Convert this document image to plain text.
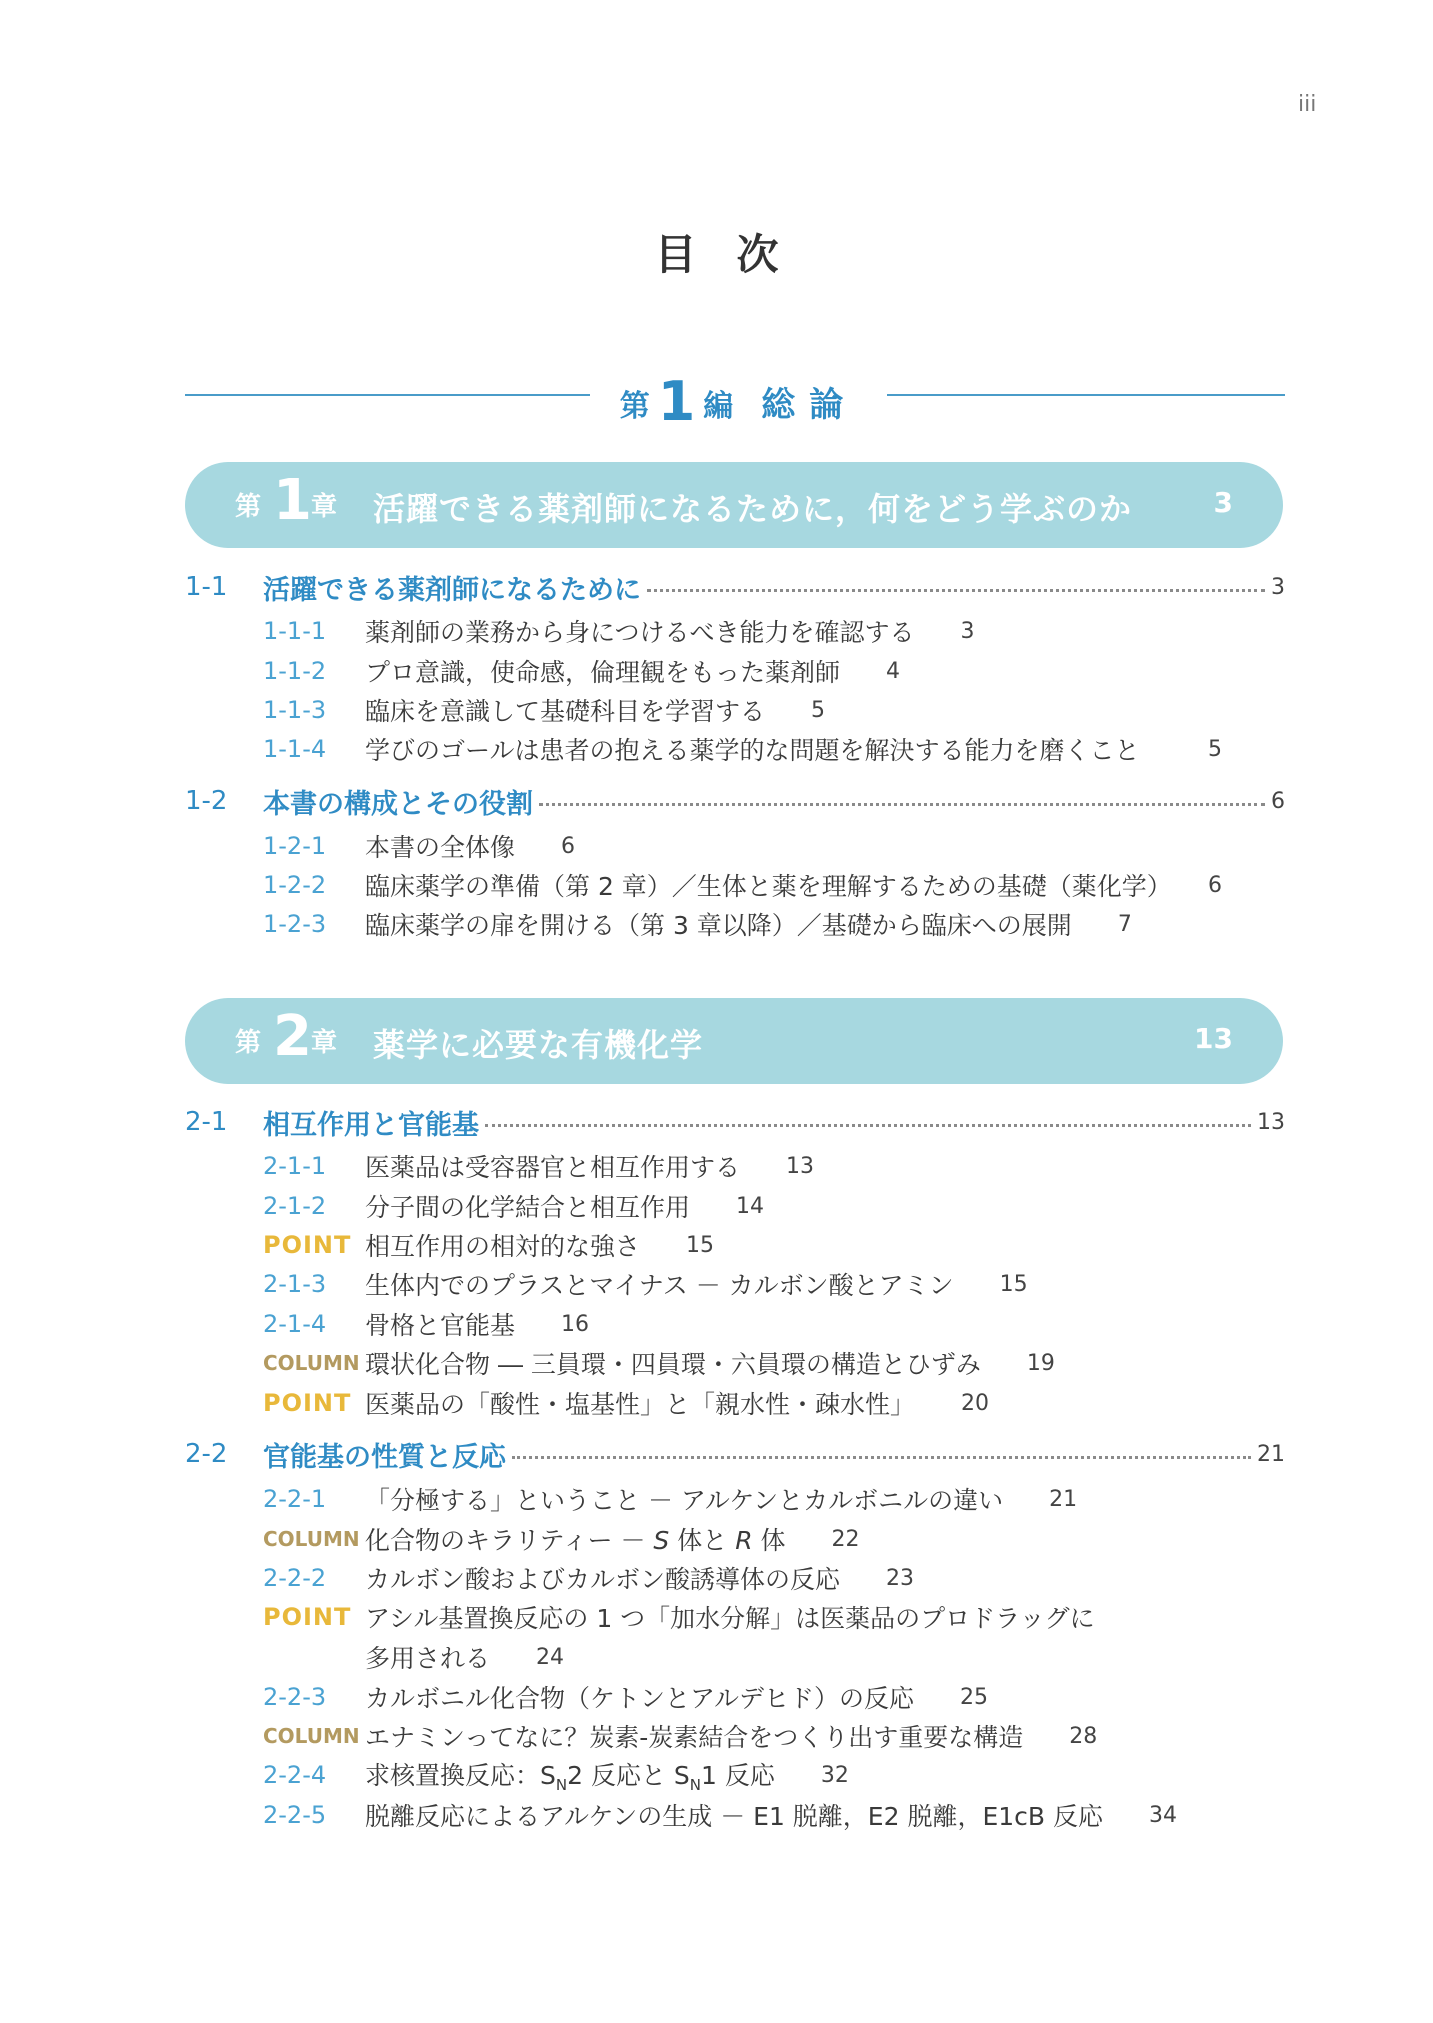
iii
目次
第 1 編 総論
第 1 章 活躍できる薬剤師になるために，何をどう学ぶのか	3
1-1	活躍できる薬剤師になるために	3
1-1-1	薬剤師の業務から身につけるべき能力を確認する 3
1-1-2	プロ意識，使命感，倫理観をもった薬剤師 4
1-1-3	臨床を意識して基礎科目を学習する 5
1-1-4	学びのゴールは患者の抱える薬学的な問題を解決する能力を磨くこと	5
1-2	本書の構成とその役割	6
1-2-1	本書の全体像 6
1-2-2	臨床薬学の準備（第 2 章）／生体と薬を理解するための基礎（薬化学） 6
1-2-3	臨床薬学の扉を開ける（第 3 章以降）／基礎から臨床への展開 7
第 2 章 薬学に必要な有機化学	13
2-1	相互作用と官能基	13
2-1-1	医薬品は受容器官と相互作用する 13
2-1-2	分子間の化学結合と相互作用 14
POINT 相互作用の相対的な強さ 15
2-1-3	生体内でのプラスとマイナス － カルボン酸とアミン 15
2-1-4	骨格と官能基 16
COLUMN 環状化合物 ― 三員環・四員環・六員環の構造とひずみ 19
POINT 医薬品の「酸性・塩基性」と「親水性・疎水性」 20
2-2	官能基の性質と反応	21
2-2-1	「分極する」ということ － アルケンとカルボニルの違い 21
COLUMN 化合物のキラリティー － S 体と R 体 22
2-2-2	カルボン酸およびカルボン酸誘導体の反応 23
POINT アシル基置換反応の 1 つ「加水分解」は医薬品のプロドラッグに
多用される 24
2-2-3	カルボニル化合物（ケトンとアルデヒド）の反応 25
COLUMN エナミンってなに？炭素-炭素結合をつくり出す重要な構造 28
2-2-4	求核置換反応：$S_N2$ 反応と $S_N1$ 反応 32
2-2-5	脱離反応によるアルケンの生成 － E1 脱離，E2 脱離，E1cB 反応 34
